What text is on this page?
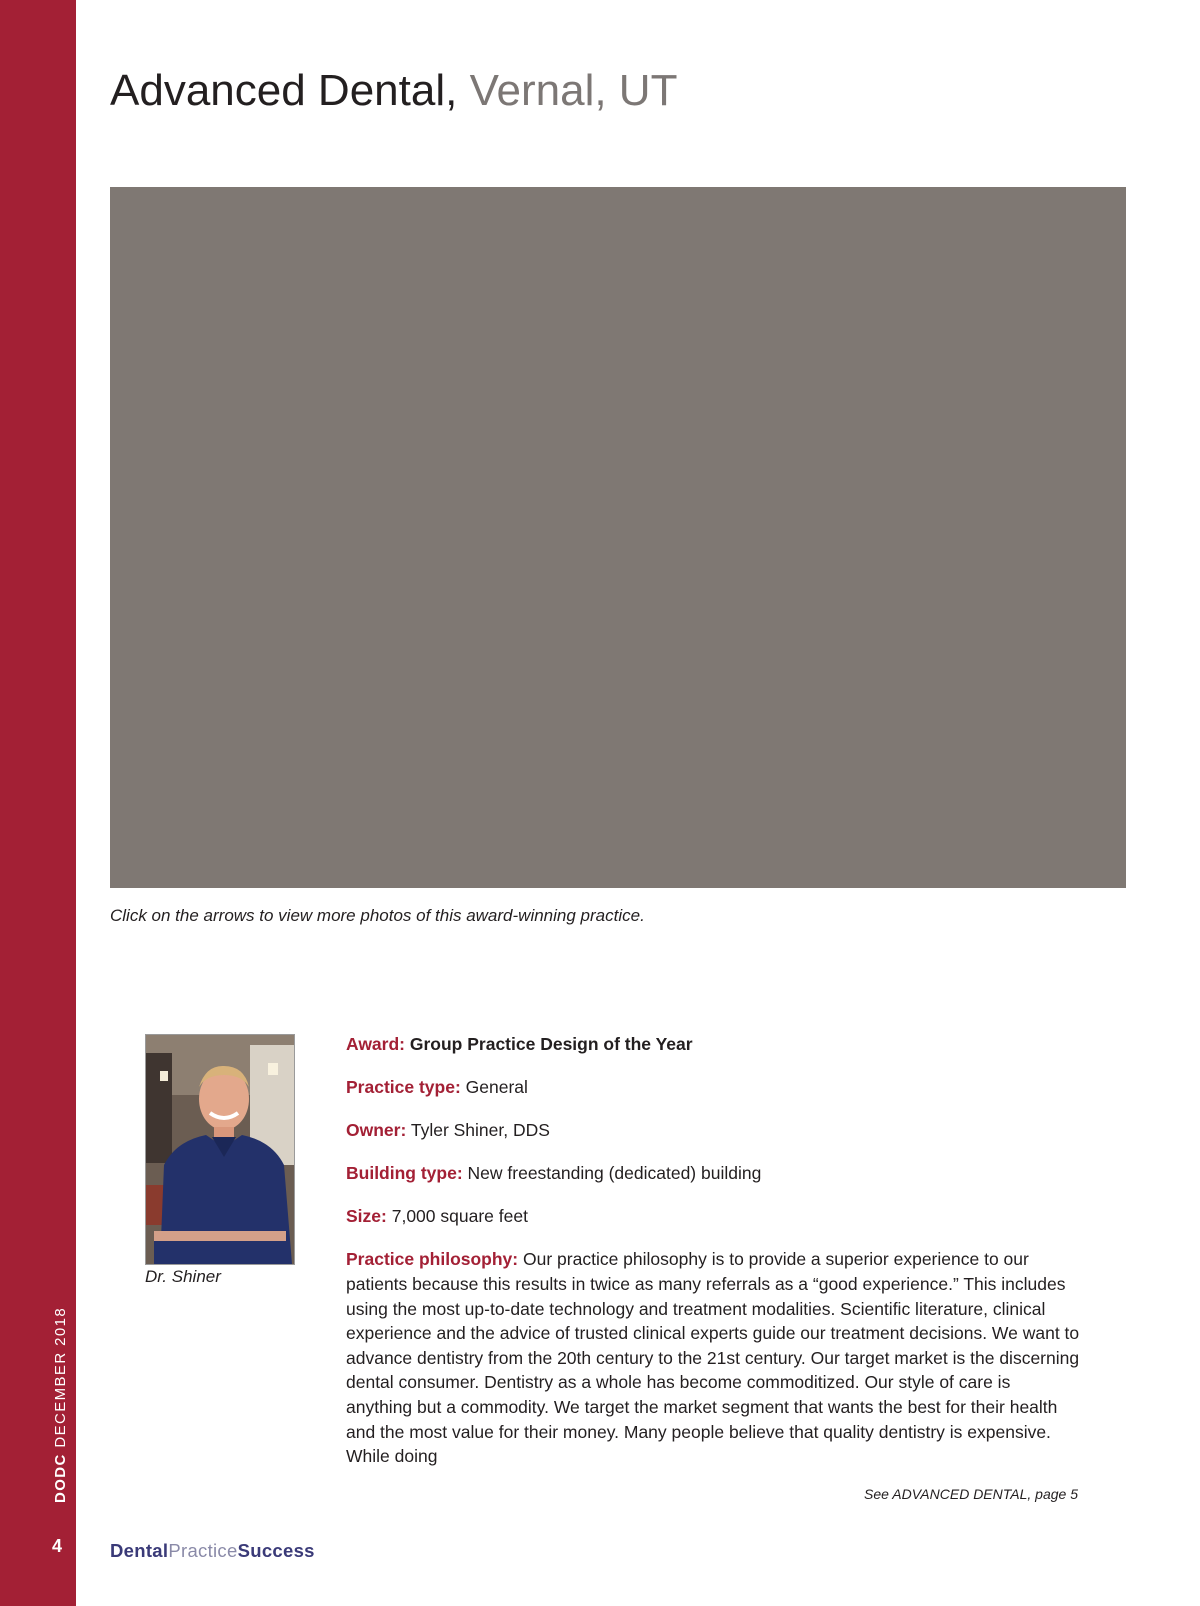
DODC DECEMBER 2018
4
Advanced Dental, Vernal, UT
Click on the arrows to view more photos of this award-winning practice.
Dr. Shiner

Award: Group Practice Design of the Year

Practice type: General

Owner: Tyler Shiner, DDS

Building type: New freestanding (dedicated) building

Size: 7,000 square feet

Practice philosophy: Our practice philosophy is to provide a superior experience to our patients because this results in twice as many referrals as a “good experience.” This includes using the most up-to-date technology and treatment modalities. Scientific literature, clinical experience and the advice of trusted clinical experts guide our treatment decisions. We want to advance dentistry from the 20th century to the 21st century. Our target market is the discerning dental consumer. Dentistry as a whole has become commoditized. Our style of care is anything but a commodity. We target the market segment that wants the best for their health and the most value for their money. Many people believe that quality dentistry is expensive. While doing

See ADVANCED DENTAL, page 5
DentalPracticeSuccess
